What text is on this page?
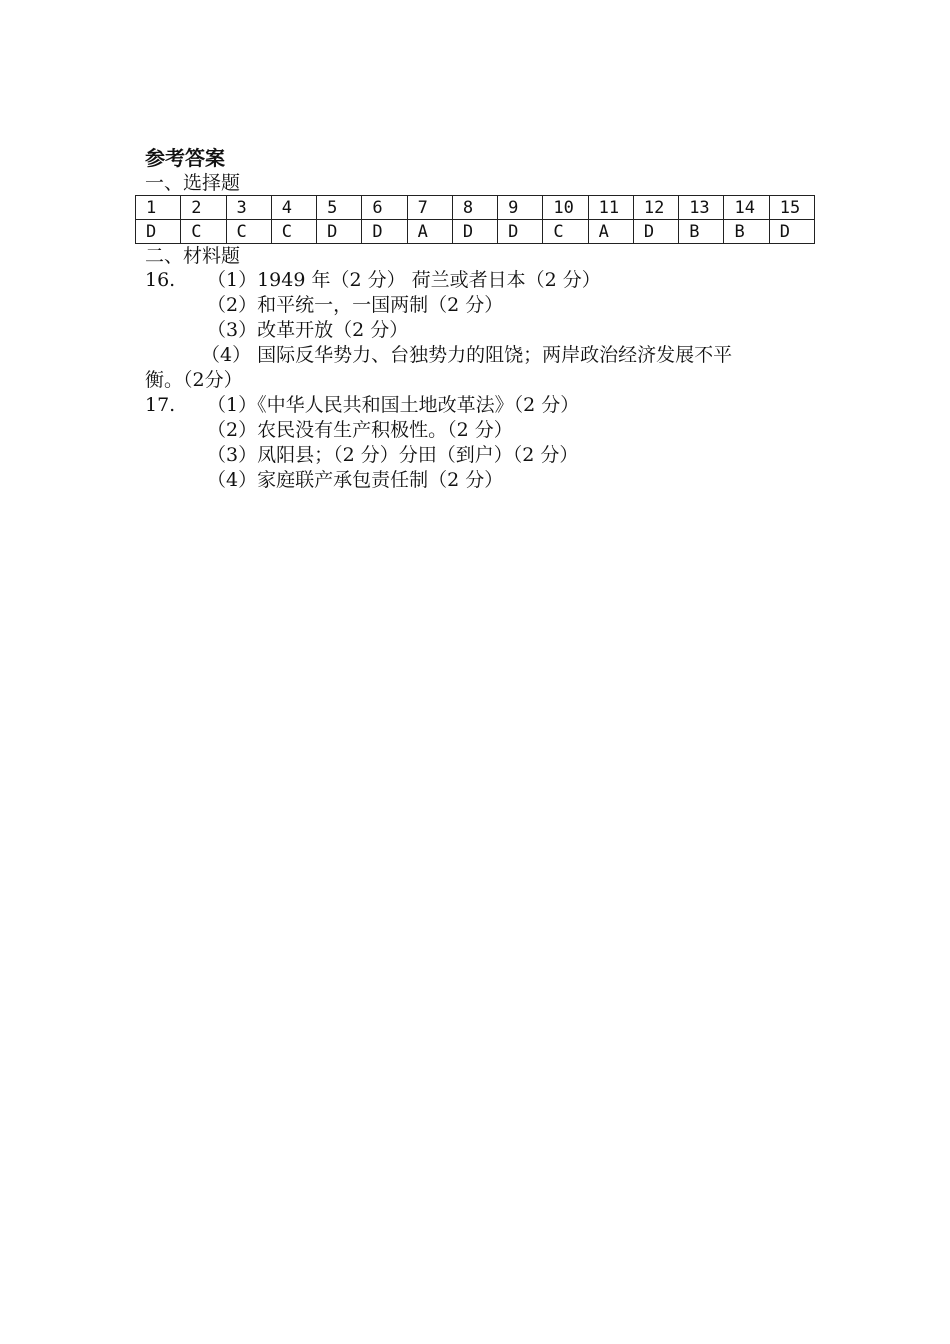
参考答案
一、选择题
1	2	3	4	5	6	7	8	9	10	11	12	13	14	15
D	C	C	C	D	D	A	D	D	C	A	D	B	B	D
二、材料题
16. （1）1949 年（2 分） 荷兰或者日本（2 分）
（2）和平统一，一国两制（2 分）
（3）改革开放（2 分）
（4） 国际反华势力、台独势力的阻饶；两岸政治经济发展不平
衡。（2分）
17. （1）《中华人民共和国土地改革法》（2 分）
（2）农民没有生产积极性。（2 分）
（3）凤阳县；（2 分）分田（到户）（2 分）
（4）家庭联产承包责任制（2 分）
